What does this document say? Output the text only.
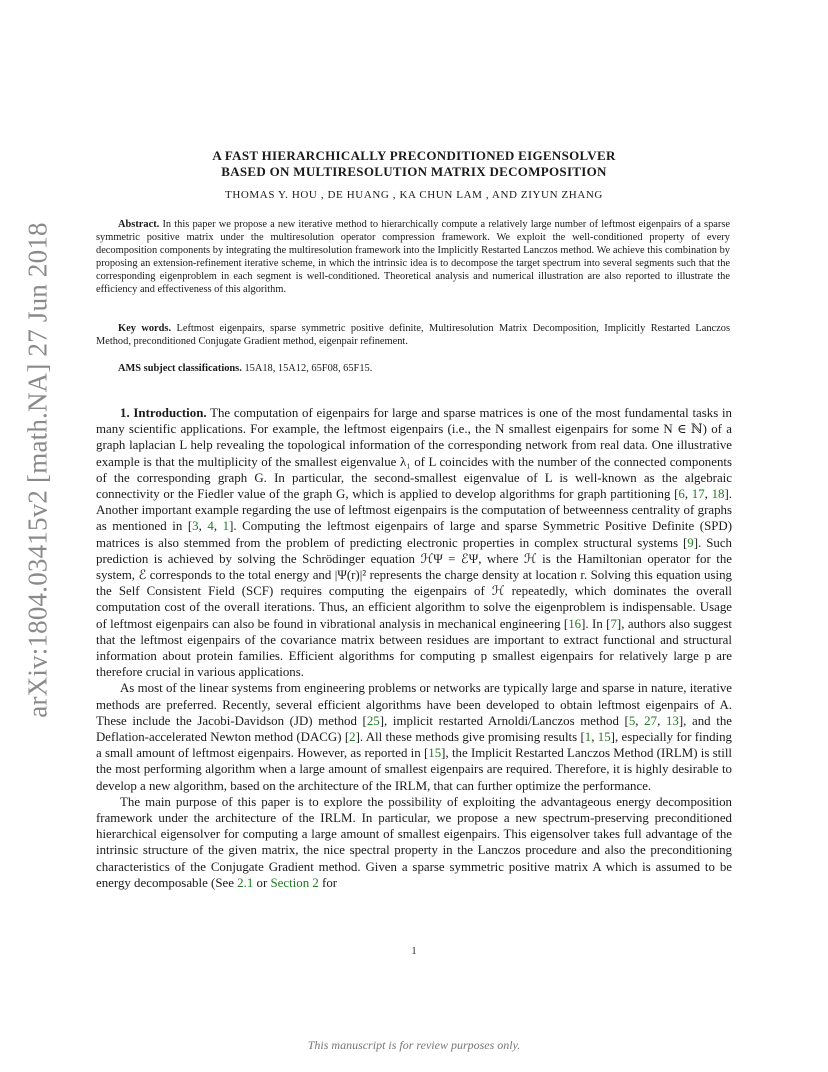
arXiv:1804.03415v2 [math.NA] 27 Jun 2018
A FAST HIERARCHICALLY PRECONDITIONED EIGENSOLVER
BASED ON MULTIRESOLUTION MATRIX DECOMPOSITION
THOMAS Y. HOU , DE HUANG , KA CHUN LAM , AND ZIYUN ZHANG

Abstract. In this paper we propose a new iterative method to hierarchically compute a relatively large number of leftmost eigenpairs of a sparse symmetric positive matrix under the multiresolution operator compression framework. We exploit the well-conditioned property of every decomposition components by integrating the multiresolution framework into the Implicitly Restarted Lanczos method. We achieve this combination by proposing an extension-refinement iterative scheme, in which the intrinsic idea is to decompose the target spectrum into several segments such that the corresponding eigenproblem in each segment is well-conditioned. Theoretical analysis and numerical illustration are also reported to illustrate the efficiency and effectiveness of this algorithm.

Key words. Leftmost eigenpairs, sparse symmetric positive definite, Multiresolution Matrix Decomposition, Implicitly Restarted Lanczos Method, preconditioned Conjugate Gradient method, eigenpair refinement.

AMS subject classifications. 15A18, 15A12, 65F08, 65F15.

1. Introduction. The computation of eigenpairs for large and sparse matrices is one of the most fundamental tasks in many scientific applications. For example, the leftmost eigenpairs (i.e., the N smallest eigenpairs for some N ∈ ℕ) of a graph laplacian L help revealing the topological information of the corresponding network from real data. One illustrative example is that the multiplicity of the smallest eigenvalue λ₁ of L coincides with the number of the connected components of the corresponding graph G. In particular, the second-smallest eigenvalue of L is well-known as the algebraic connectivity or the Fiedler value of the graph G, which is applied to develop algorithms for graph partitioning [6, 17, 18]. Another important example regarding the use of leftmost eigenpairs is the computation of betweenness centrality of graphs as mentioned in [3, 4, 1]. Computing the leftmost eigenpairs of large and sparse Symmetric Positive Definite (SPD) matrices is also stemmed from the problem of predicting electronic properties in complex structural systems [9]. Such prediction is achieved by solving the Schrödinger equation ℋΨ = ℰΨ, where ℋ is the Hamiltonian operator for the system, ℰ corresponds to the total energy and |Ψ(r)|² represents the charge density at location r. Solving this equation using the Self Consistent Field (SCF) requires computing the eigenpairs of ℋ repeatedly, which dominates the overall computation cost of the overall iterations. Thus, an efficient algorithm to solve the eigenproblem is indispensable. Usage of leftmost eigenpairs can also be found in vibrational analysis in mechanical engineering [16]. In [7], authors also suggest that the leftmost eigenpairs of the covariance matrix between residues are important to extract functional and structural information about protein families. Efficient algorithms for computing p smallest eigenpairs for relatively large p are therefore crucial in various applications.

As most of the linear systems from engineering problems or networks are typically large and sparse in nature, iterative methods are preferred. Recently, several efficient algorithms have been developed to obtain leftmost eigenpairs of A. These include the Jacobi-Davidson (JD) method [25], implicit restarted Arnoldi/Lanczos method [5, 27, 13], and the Deflation-accelerated Newton method (DACG) [2]. All these methods give promising results [1, 15], especially for finding a small amount of leftmost eigenpairs. However, as reported in [15], the Implicit Restarted Lanczos Method (IRLM) is still the most performing algorithm when a large amount of smallest eigenpairs are required. Therefore, it is highly desirable to develop a new algorithm, based on the architecture of the IRLM, that can further optimize the performance.

The main purpose of this paper is to explore the possibility of exploiting the advantageous energy decomposition framework under the architecture of the IRLM. In particular, we propose a new spectrum-preserving preconditioned hierarchical eigensolver for computing a large amount of smallest eigenpairs. This eigensolver takes full advantage of the intrinsic structure of the given matrix, the nice spectral property in the Lanczos procedure and also the preconditioning characteristics of the Conjugate Gradient method. Given a sparse symmetric positive matrix A which is assumed to be energy decomposable (See 2.1 or Section 2 for

1
This manuscript is for review purposes only.
